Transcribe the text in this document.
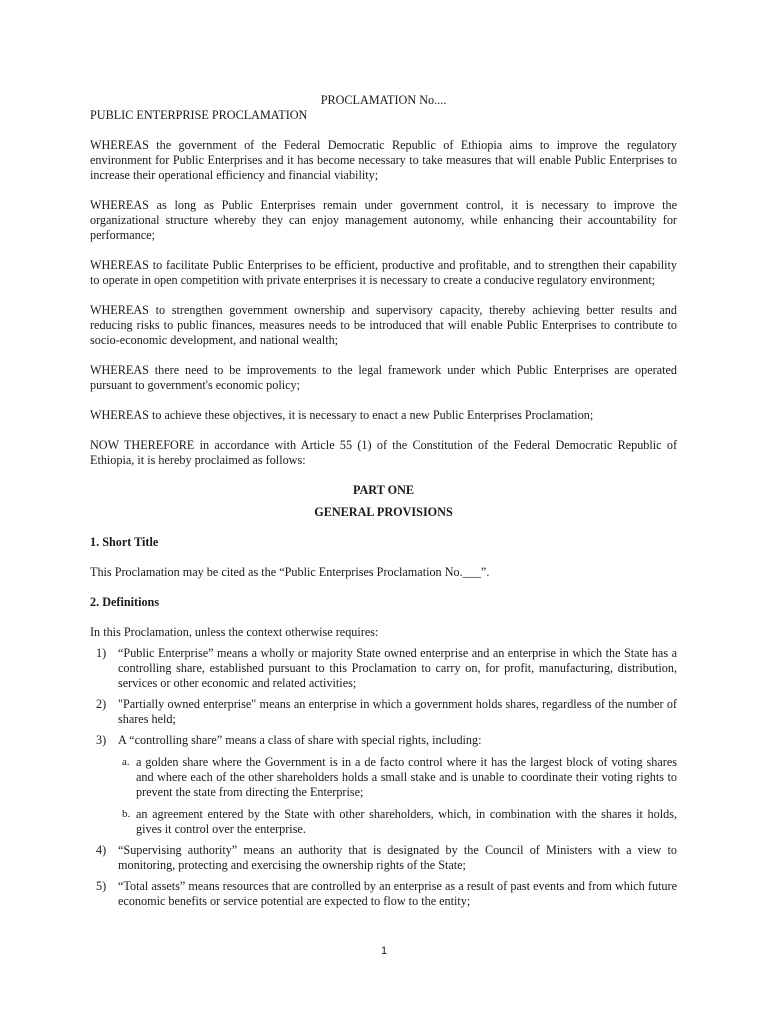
PROCLAMATION No....

PUBLIC ENTERPRISE PROCLAMATION

WHEREAS the government of the Federal Democratic Republic of Ethiopia aims to improve the regulatory environment for Public Enterprises and it has become necessary to take measures that will enable Public Enterprises to increase their operational efficiency and financial viability;

WHEREAS as long as Public Enterprises remain under government control, it is necessary to improve the organizational structure whereby they can enjoy management autonomy, while enhancing their accountability for performance;

WHEREAS to facilitate Public Enterprises to be efficient, productive and profitable, and to strengthen their capability to operate in open competition with private enterprises it is necessary to create a conducive regulatory environment;

WHEREAS to strengthen government ownership and supervisory capacity, thereby achieving better results and reducing risks to public finances, measures needs to be introduced that will enable Public Enterprises to contribute to socio-economic development, and national wealth;

WHEREAS there need to be improvements to the legal framework under which Public Enterprises are operated pursuant to government's economic policy;

WHEREAS to achieve these objectives, it is necessary to enact a new Public Enterprises Proclamation;

NOW THEREFORE in accordance with Article 55 (1) of the Constitution of the Federal Democratic Republic of Ethiopia, it is hereby proclaimed as follows:

PART ONE

GENERAL PROVISIONS

1. Short Title

This Proclamation may be cited as the “Public Enterprises Proclamation No.___”.

2. Definitions

In this Proclamation, unless the context otherwise requires:

1) “Public Enterprise” means a wholly or majority State owned enterprise and an enterprise in which the State has a controlling share, established pursuant to this Proclamation to carry on, for profit, manufacturing, distribution, services or other economic and related activities;
2) "Partially owned enterprise" means an enterprise in which a government holds shares, regardless of the number of shares held;
3) A “controlling share” means a class of share with special rights, including:
a. a golden share where the Government is in a de facto control where it has the largest block of voting shares and where each of the other shareholders holds a small stake and is unable to coordinate their voting rights to prevent the state from directing the Enterprise;
b. an agreement entered by the State with other shareholders, which, in combination with the shares it holds, gives it control over the enterprise.
4) “Supervising authority” means an authority that is designated by the Council of Ministers with a view to monitoring, protecting and exercising the ownership rights of the State;
5) “Total assets” means resources that are controlled by an enterprise as a result of past events and from which future economic benefits or service potential are expected to flow to the entity;
1
